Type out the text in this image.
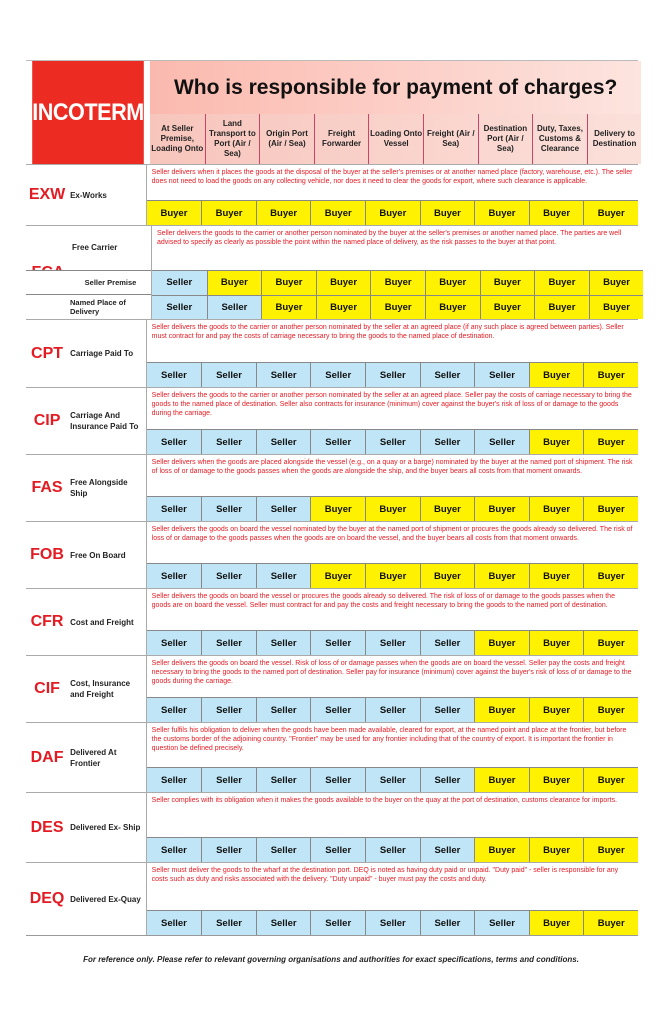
INCOTERM
Who is responsible for payment of charges?
At Seller Premise, Loading Onto
Land Transport to Port (Air / Sea)
Origin Port (Air / Sea)
Freight Forwarder
Loading Onto Vessel
Freight (Air / Sea)
Destination Port (Air / Sea)
Duty, Taxes, Customs & Clearance
Delivery to Destination
EXW Ex-Works
Seller delivers when it places the goods at the disposal of the buyer at the seller's premises or at another named place (factory, warehouse, etc.). The seller does not need to load the goods on any collecting vehicle, nor does it need to clear the goods for export, where such clearance is applicable.
Buyer	Buyer	Buyer	Buyer	Buyer	Buyer	Buyer	Buyer	Buyer
Free Carrier
Seller Premise
Named Place of Delivery
Seller delivers the goods to the carrier or another person nominated by the buyer at the seller's premises or another named place. The parties are well advised to specify as clearly as possible the point within the named place of delivery, as the risk passes to the buyer at that point.
Seller	Buyer	Buyer	Buyer	Buyer	Buyer	Buyer	Buyer	Buyer
Seller	Seller	Buyer	Buyer	Buyer	Buyer	Buyer	Buyer	Buyer
CPT Carriage Paid To
Seller delivers the goods to the carrier or another person nominated by the seller at an agreed place (if any such place is agreed between parties). Seller must contract for and pay the costs of carriage necessary to bring the goods to the named place of destination.
Seller	Seller	Seller	Seller	Seller	Seller	Seller	Buyer	Buyer
CIP	Carriage And Insurance Paid To
Seller delivers the goods to the carrier or another person nominated by the seller at an agreed place. Seller pay the costs of carriage necessary to bring the goods to the named place of destination. Seller also contracts for insurance (minimum) cover against the buyer's risk of loss of or damage to the goods during the carriage.
Seller	Seller	Seller	Seller	Seller	Seller	Seller	Buyer	Buyer
FAS Free Alongside Ship
Seller delivers when the goods are placed alongside the vessel (e.g., on a quay or a barge) nominated by the buyer at the named port of shipment. The risk of loss of or damage to the goods passes when the goods are alongside the ship, and the buyer bears all costs from that moment onwards.
Seller	Seller	Seller	Buyer	Buyer	Buyer	Buyer	Buyer	Buyer
FOB Free On Board
Seller delivers the goods on board the vessel nominated by the buyer at the named port of shipment or procures the goods already so delivered. The risk of loss of or damage to the goods passes when the goods are on board the vessel, and the buyer bears all costs from that moment onwards.
Seller	Seller	Seller	Buyer	Buyer	Buyer	Buyer	Buyer	Buyer
CFR Cost and Freight
Seller delivers the goods on board the vessel or procures the goods already so delivered. The risk of loss of or damage to the goods passes when the goods are on board the vessel. Seller must contract for and pay the costs and freight necessary to bring the goods to the named port of destination.
Seller	Seller	Seller	Seller	Seller	Seller	Buyer	Buyer	Buyer
CIF	Cost, Insurance and Freight
Seller delivers the goods on board the vessel. Risk of loss of or damage passes when the goods are on board the vessel. Seller pay the costs and freight necessary to bring the goods to the named port of destination. Seller pay for insurance (minimum) cover against the buyer's risk of loss of or damage to the goods during the carriage.
Seller	Seller	Seller	Seller	Seller	Seller	Buyer	Buyer	Buyer
DAF Delivered At Frontier
Seller fulfils his obligation to deliver when the goods have been made available, cleared for export, at the named point and place at the frontier, but before the customs border of the adjoining country. "Frontier" may be used for any frontier including that of the country of export. It is important the frontier in question be defined precisely.
Seller	Seller	Seller	Seller	Seller	Seller	Buyer	Buyer	Buyer
DES Delivered Ex- Ship
Seller complies with its obligation when it makes the goods available to the buyer on the quay at the port of destination, customs clearance for imports.
Seller	Seller	Seller	Seller	Seller	Seller	Buyer	Buyer	Buyer
DEQ Delivered Ex-Quay
Seller must deliver the goods to the wharf at the destination port. DEQ is noted as having duty paid or unpaid. "Duty paid" - seller is responsible for any costs such as duty and risks associated with the delivery. "Duty unpaid" - buyer must pay the costs and duty.
Seller	Seller	Seller	Seller	Seller	Seller	Seller	Buyer	Buyer
For reference only. Please refer to relevant governing organisations and authorities for exact specifications, terms and conditions.
